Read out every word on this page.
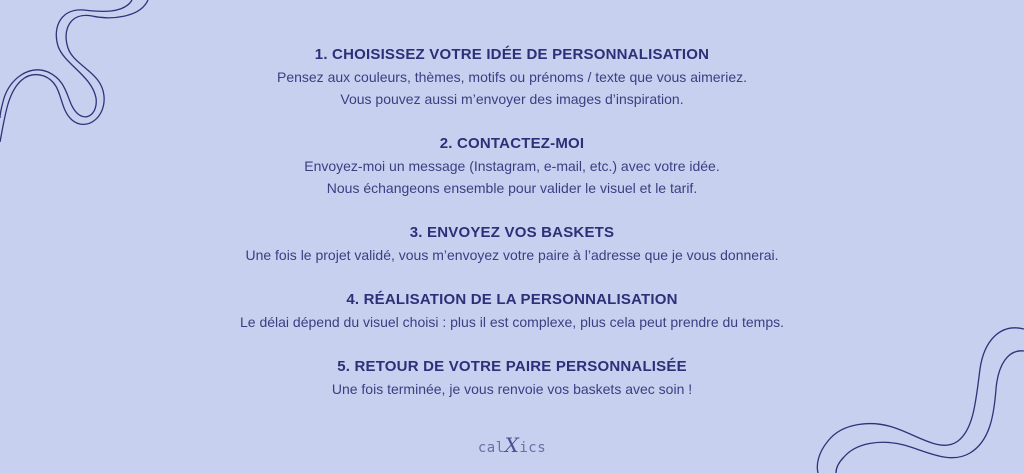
1. CHOISISSEZ VOTRE IDÉE DE PERSONNALISATION
Pensez aux couleurs, thèmes, motifs ou prénoms / texte que vous aimeriez.
Vous pouvez aussi m’envoyer des images d’inspiration.
2. CONTACTEZ-MOI
Envoyez-moi un message (Instagram, e-mail, etc.) avec votre idée.
Nous échangeons ensemble pour valider le visuel et le tarif.
3. ENVOYEZ VOS BASKETS
Une fois le projet validé, vous m’envoyez votre paire à l’adresse que je vous donnerai.
4. RÉALISATION DE LA PERSONNALISATION
Le délai dépend du visuel choisi : plus il est complexe, plus cela peut prendre du temps.
5. RETOUR DE VOTRE PAIRE PERSONNALISÉE
Une fois terminée, je vous renvoie vos baskets avec soin !
calXics
